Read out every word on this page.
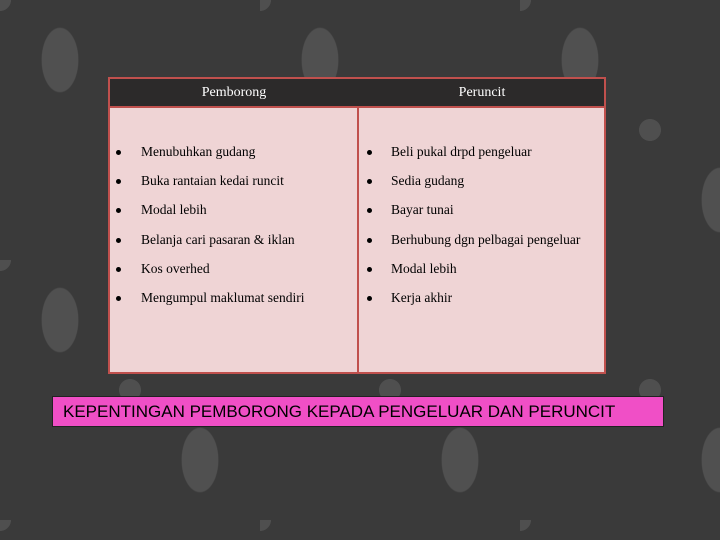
Pemborong	Peruncit
Menubuhkan gudang
Buka rantaian kedai runcit
Modal lebih
Belanja cari pasaran & iklan
Kos overhed
Mengumpul maklumat sendiri
Beli pukal drpd pengeluar
Sedia gudang
Bayar tunai
Berhubung dgn pelbagai pengeluar
Modal lebih
Kerja akhir
KEPENTINGAN PEMBORONG KEPADA PENGELUAR DAN PERUNCIT
